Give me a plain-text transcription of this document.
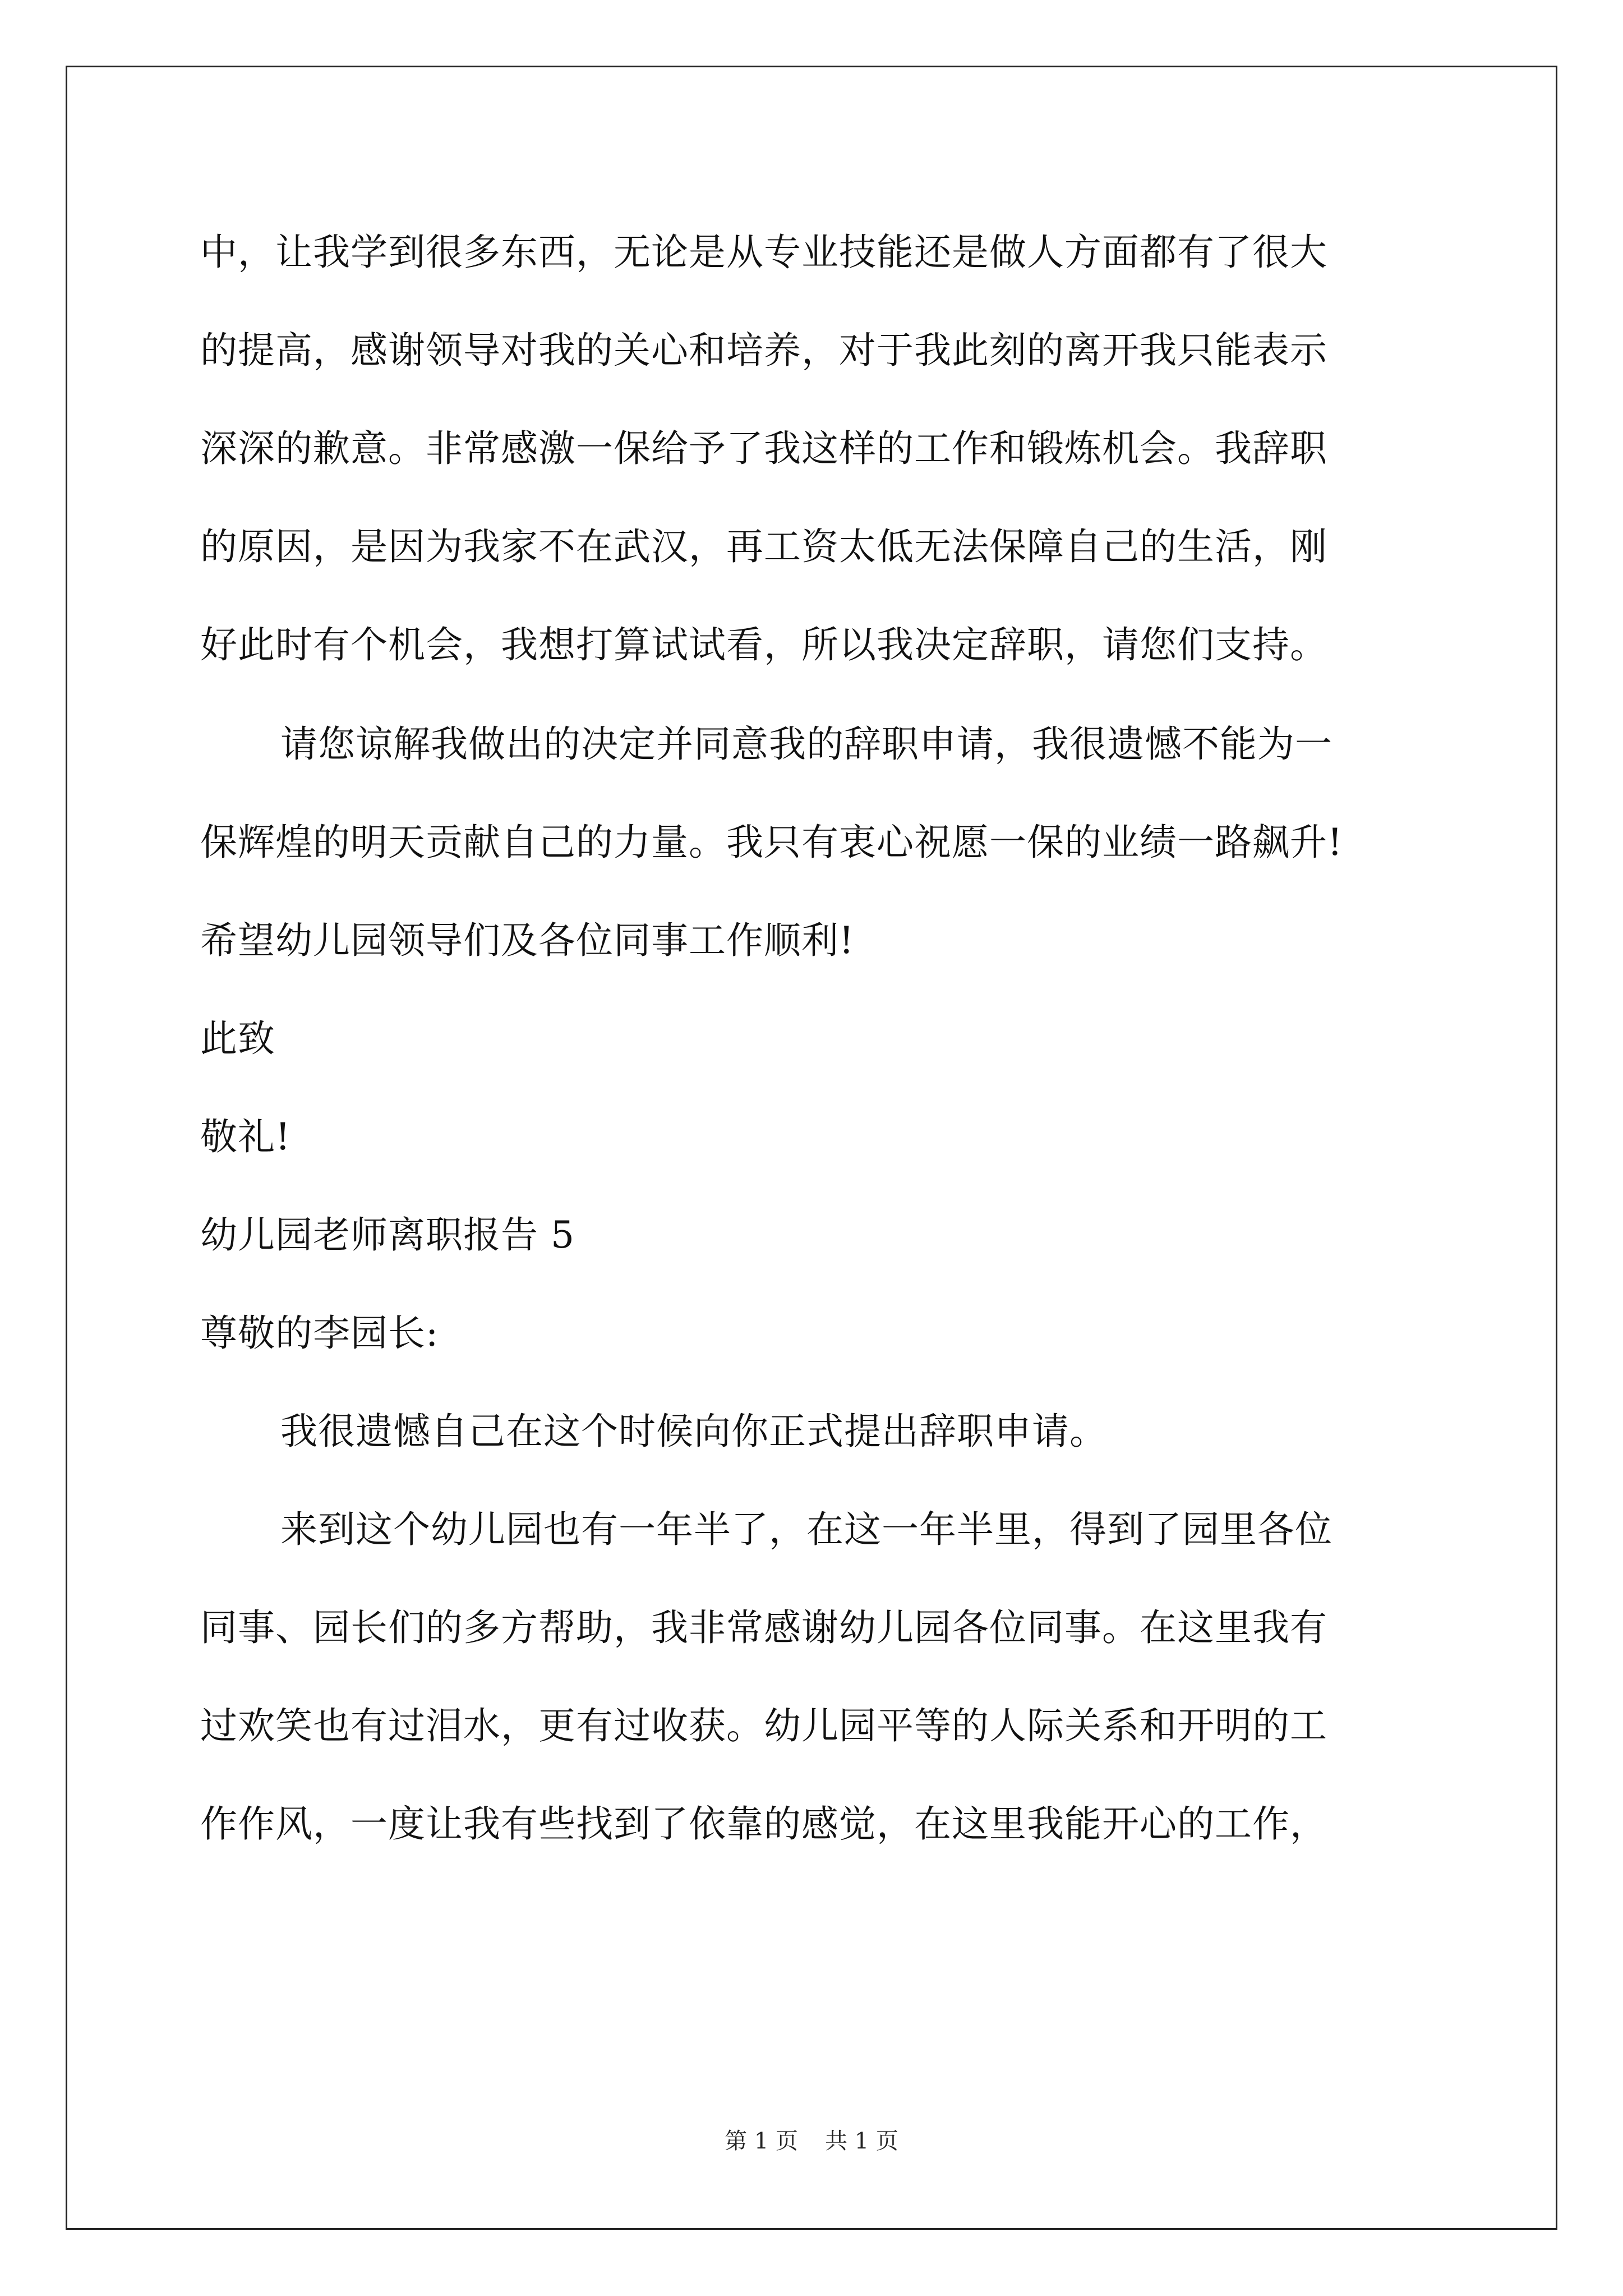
中，让我学到很多东西，无论是从专业技能还是做人方面都有了很大
的提高，感谢领导对我的关心和培养，对于我此刻的离开我只能表示
深深的歉意。非常感激一保给予了我这样的工作和锻炼机会。我辞职
的原因，是因为我家不在武汉，再工资太低无法保障自己的生活，刚
好此时有个机会，我想打算试试看，所以我决定辞职，请您们支持。
请您谅解我做出的决定并同意我的辞职申请，我很遗憾不能为一
保辉煌的明天贡献自己的力量。我只有衷心祝愿一保的业绩一路飙升!
希望幼儿园领导们及各位同事工作顺利!
此致
敬礼!
幼儿园老师离职报告 5
尊敬的李园长:
我很遗憾自己在这个时候向你正式提出辞职申请。
来到这个幼儿园也有一年半了，在这一年半里，得到了园里各位
同事、园长们的多方帮助，我非常感谢幼儿园各位同事。在这里我有
过欢笑也有过泪水，更有过收获。幼儿园平等的人际关系和开明的工
作作风，一度让我有些找到了依靠的感觉，在这里我能开心的工作，
第 1 页 共 1 页
